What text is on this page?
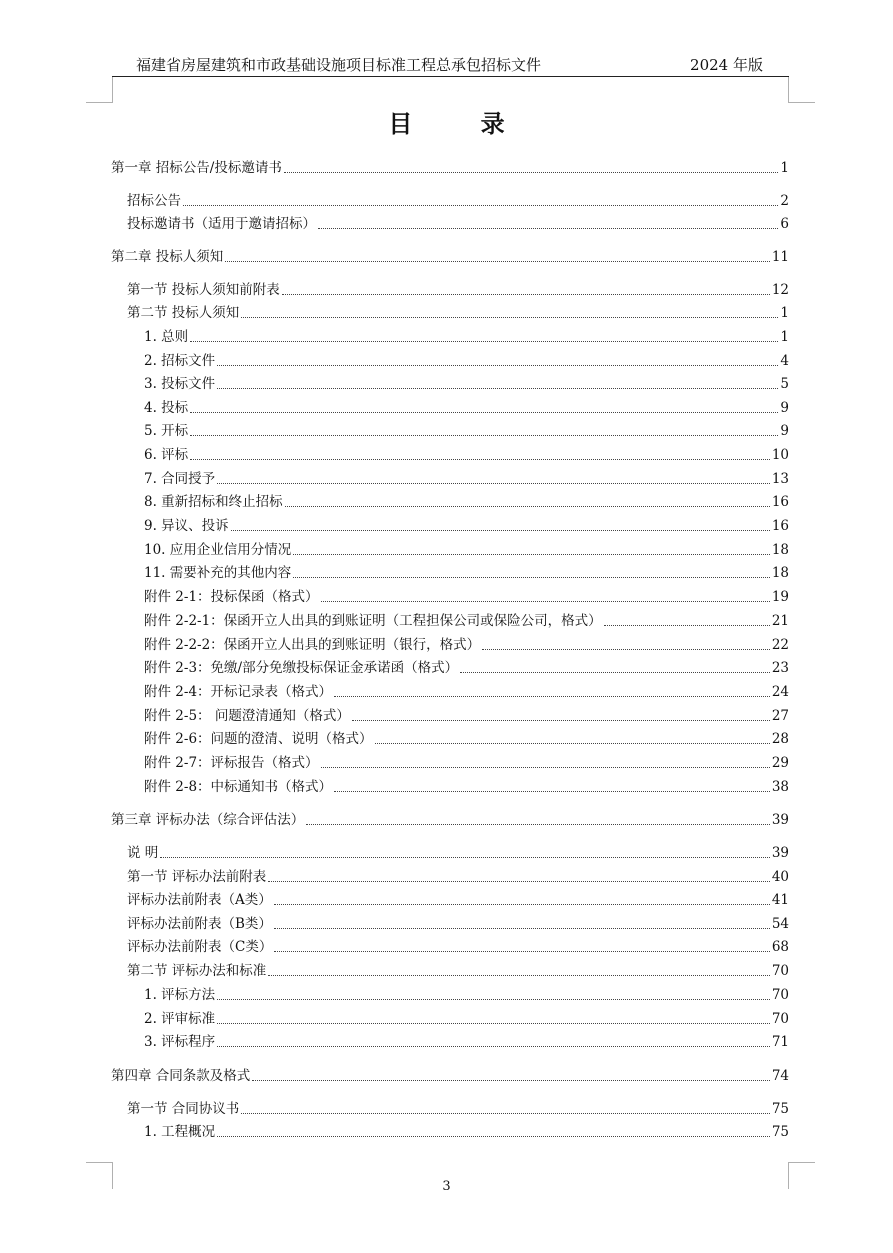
福建省房屋建筑和市政基础设施项目标准工程总承包招标文件	2024 年版
目 录
第一章 招标公告/投标邀请书	1
招标公告	2
投标邀请书（适用于邀请招标）	6
第二章 投标人须知	11
第一节 投标人须知前附表	12
第二节 投标人须知	1
1. 总则	1
2. 招标文件	4
3. 投标文件	5
4. 投标	9
5. 开标	9
6. 评标	10
7. 合同授予	13
8. 重新招标和终止招标	16
9. 异议、投诉	16
10. 应用企业信用分情况	18
11. 需要补充的其他内容	18
附件 2-1：投标保函（格式）	19
附件 2-2-1：保函开立人出具的到账证明（工程担保公司或保险公司，格式）	21
附件 2-2-2：保函开立人出具的到账证明（银行，格式）	22
附件 2-3：免缴/部分免缴投标保证金承诺函（格式）	23
附件 2-4：开标记录表（格式）	24
附件 2-5： 问题澄清通知（格式）	27
附件 2-6：问题的澄清、说明（格式）	28
附件 2-7：评标报告（格式）	29
附件 2-8：中标通知书（格式）	38
第三章 评标办法（综合评估法）	39
说 明	39
第一节 评标办法前附表	40
评标办法前附表（A类）	41
评标办法前附表（B类）	54
评标办法前附表（C类）	68
第二节 评标办法和标准	70
1. 评标方法	70
2. 评审标准	70
3. 评标程序	71
第四章 合同条款及格式	74
第一节 合同协议书	75
1. 工程概况	75
3
